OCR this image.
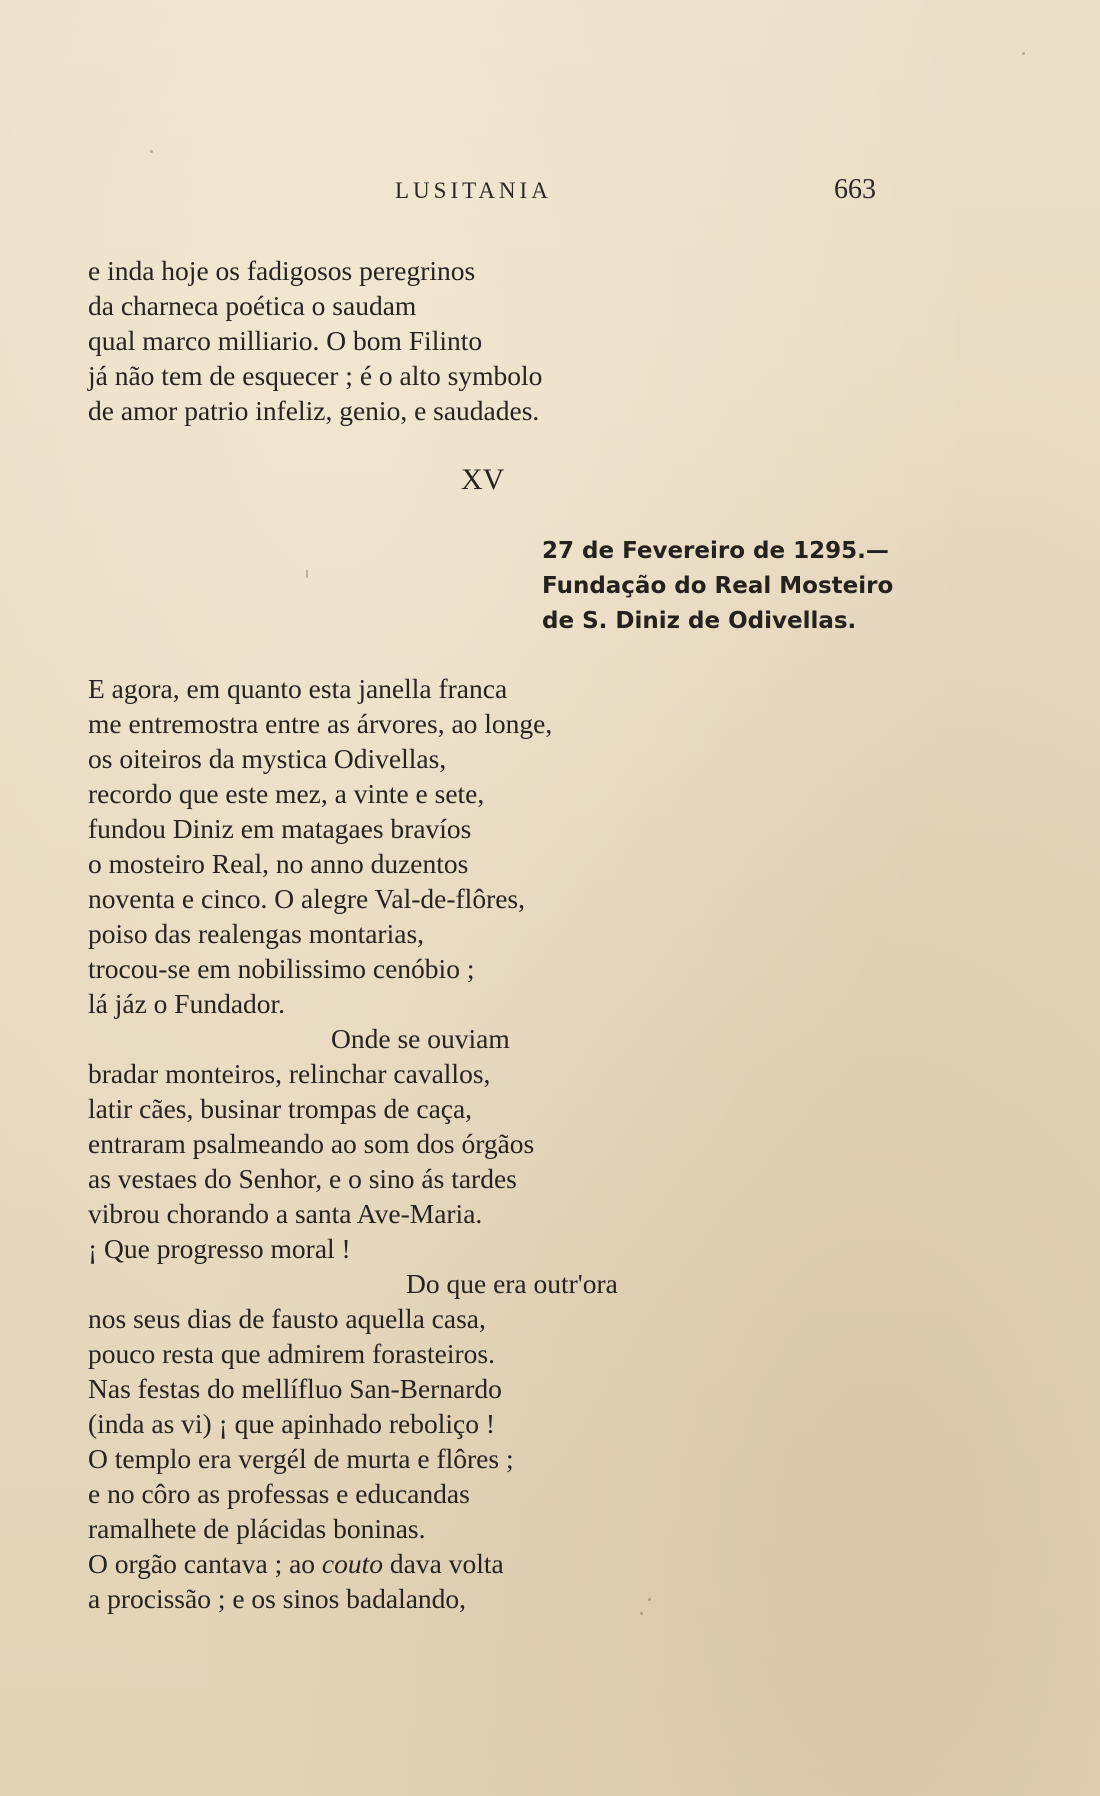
LUSITANIA	663
e inda hoje os fadigosos peregrinos
da charneca poética o saudam
qual marco milliario. O bom Filinto
já não tem de esquecer ; é o alto symbolo
de amor patrio infeliz, genio, e saudades.
XV
27 de Fevereiro de 1295.—
Fundação do Real Mosteiro
de S. Diniz de Odivellas.
E agora, em quanto esta janella franca
me entremostra entre as árvores, ao longe,
os oiteiros da mystica Odivellas,
recordo que este mez, a vinte e sete,
fundou Diniz em matagaes bravíos
o mosteiro Real, no anno duzentos
noventa e cinco. O alegre Val-de-flôres,
poiso das realengas montarias,
trocou-se em nobilissimo cenóbio ;
lá jáz o Fundador.
Onde se ouviam
bradar monteiros, relinchar cavallos,
latir cães, businar trompas de caça,
entraram psalmeando ao som dos órgãos
as vestaes do Senhor, e o sino ás tardes
vibrou chorando a santa Ave-Maria.
¡ Que progresso moral !
Do que era outr'ora
nos seus dias de fausto aquella casa,
pouco resta que admirem forasteiros.
Nas festas do mellífluo San-Bernardo
(inda as vi) ¡ que apinhado reboliço !
O templo era vergél de murta e flôres ;
e no côro as professas e educandas
ramalhete de plácidas boninas.
O orgão cantava ; ao couto dava volta
a procissão ; e os sinos badalando,
